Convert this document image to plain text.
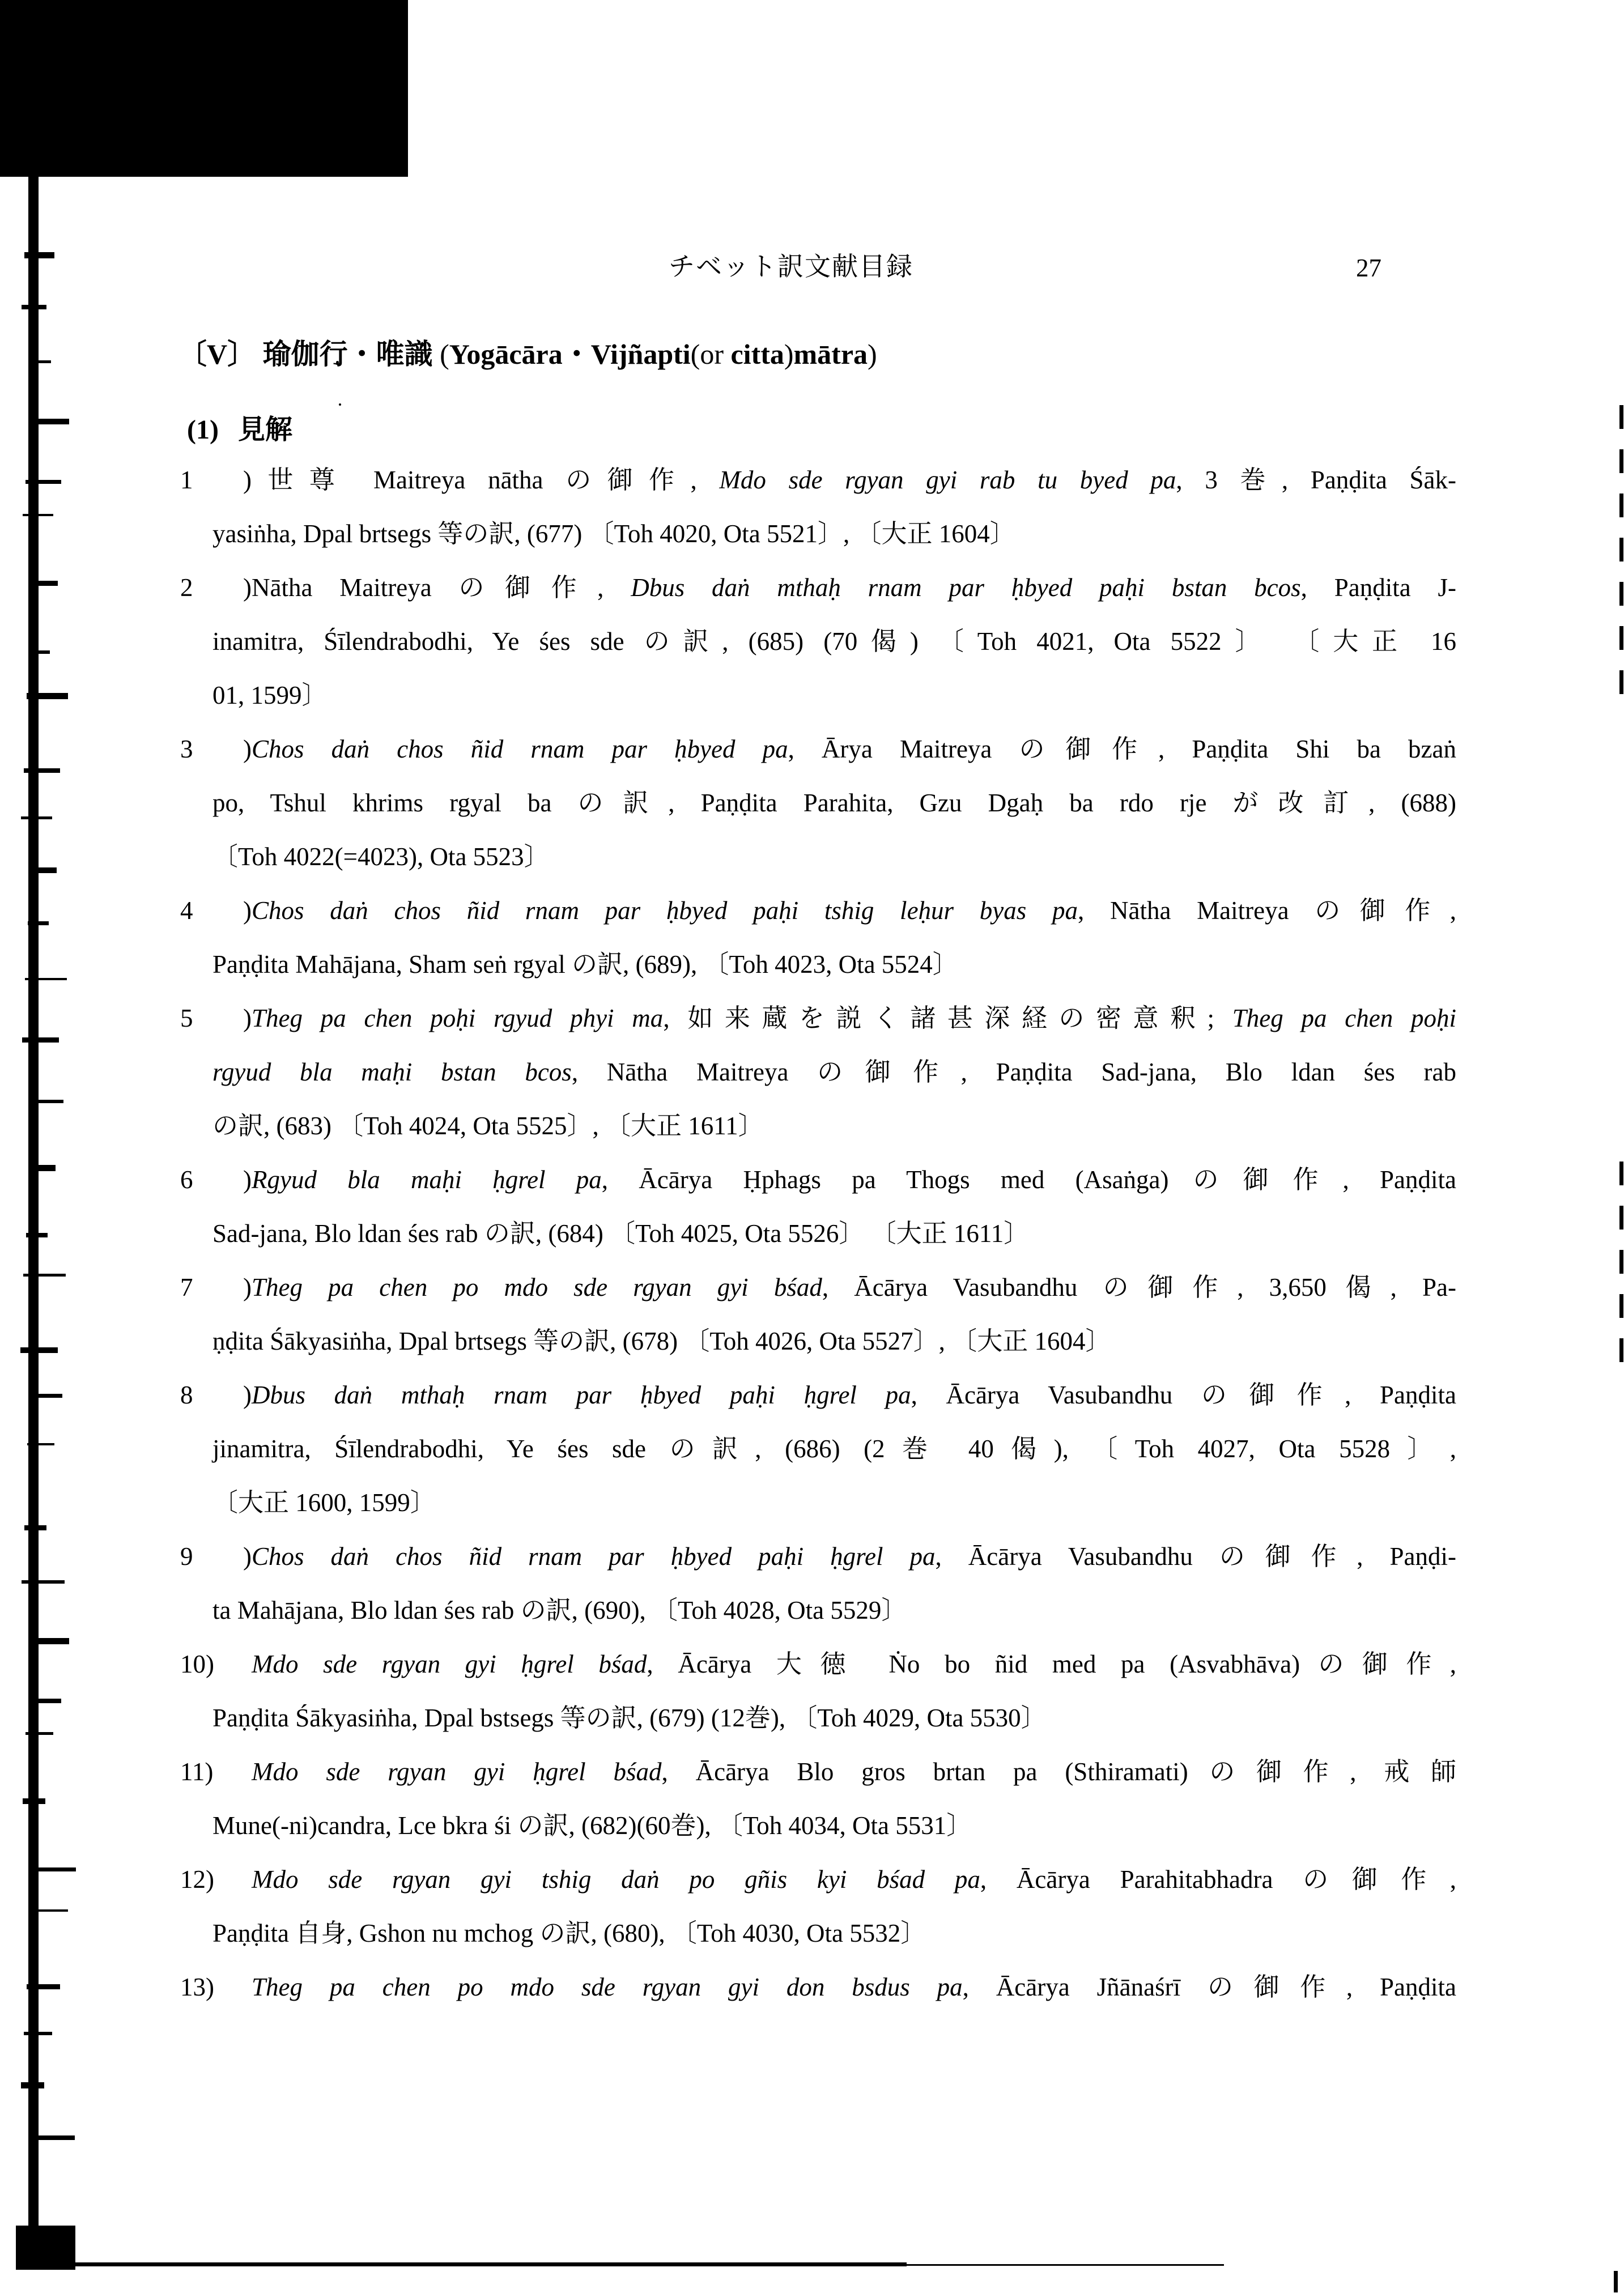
チベット訳文献目録	27
〔V〕 瑜伽行・唯識 (Yogācāra・Vijñapti(or citta)mātra)
(1) 見解
1 )世尊 Maitreya nātha の御作, Mdo sde rgyan gyi rab tu byed pa, 3 巻, Paṇḍita Śāk-
yasiṅha, Dpal brtsegs 等の訳, (677) 〔Toh 4020, Ota 5521〕, 〔大正 1604〕
2 )Nātha Maitreya の御作, Dbus daṅ mthaḥ rnam par ḥbyed paḥi bstan bcos, Paṇḍita J-
inamitra, Śīlendrabodhi, Ye śes sde の訳, (685) (70偈) 〔Toh 4021, Ota 5522〕 〔大正 16
01, 1599〕
3 )Chos daṅ chos ñid rnam par ḥbyed pa, Ārya Maitreya の御作, Paṇḍita Shi ba bzaṅ
po, Tshul khrims rgyal ba の訳, Paṇḍita Parahita, Gzu Dgaḥ ba rdo rje が改訂, (688)
〔Toh 4022(=4023), Ota 5523〕
4 )Chos daṅ chos ñid rnam par ḥbyed paḥi tshig leḥur byas pa, Nātha Maitreya の御作,
Paṇḍita Mahājana, Sham seṅ rgyal の訳, (689), 〔Toh 4023, Ota 5524〕
5 )Theg pa chen poḥi rgyud phyi ma, 如来蔵を説く諸甚深経の密意釈; Theg pa chen poḥi
rgyud bla maḥi bstan bcos, Nātha Maitreya の御作, Paṇḍita Sad-jana, Blo ldan śes rab
の訳, (683) 〔Toh 4024, Ota 5525〕, 〔大正 1611〕
6 )Rgyud bla maḥi ḥgrel pa, Ācārya Ḥphags pa Thogs med (Asaṅga)の御作, Paṇḍita
Sad-jana, Blo ldan śes rab の訳, (684) 〔Toh 4025, Ota 5526〕 〔大正 1611〕
7 )Theg pa chen po mdo sde rgyan gyi bśad, Ācārya Vasubandhu の御作, 3,650偈, Pa-
ṇḍita Śākyasiṅha, Dpal brtsegs 等の訳, (678) 〔Toh 4026, Ota 5527〕, 〔大正 1604〕
8 )Dbus daṅ mthaḥ rnam par ḥbyed paḥi ḥgrel pa, Ācārya Vasubandhu の御作, Paṇḍita
jinamitra, Śīlendrabodhi, Ye śes sde の訳, (686) (2巻 40偈), 〔Toh 4027, Ota 5528〕,
〔大正 1600, 1599〕
9 )Chos daṅ chos ñid rnam par ḥbyed paḥi ḥgrel pa, Ācārya Vasubandhu の御作, Paṇḍi-
ta Mahājana, Blo ldan śes rab の訳, (690), 〔Toh 4028, Ota 5529〕
10) Mdo sde rgyan gyi ḥgrel bśad, Ācārya 大徳 Ṅo bo ñid med pa (Asvabhāva)の御作,
Paṇḍita Śākyasiṅha, Dpal bstsegs 等の訳, (679) (12巻), 〔Toh 4029, Ota 5530〕
11) Mdo sde rgyan gyi ḥgrel bśad, Ācārya Blo gros brtan pa (Sthiramati)の御作, 戒師
Mune(-ni)candra, Lce bkra śi の訳, (682)(60巻), 〔Toh 4034, Ota 5531〕
12) Mdo sde rgyan gyi tshig daṅ po gñis kyi bśad pa, Ācārya Parahitabhadra の御作,
Paṇḍita 自身, Gshon nu mchog の訳, (680), 〔Toh 4030, Ota 5532〕
13) Theg pa chen po mdo sde rgyan gyi don bsdus pa, Ācārya Jñānaśrī の御作, Paṇḍita
